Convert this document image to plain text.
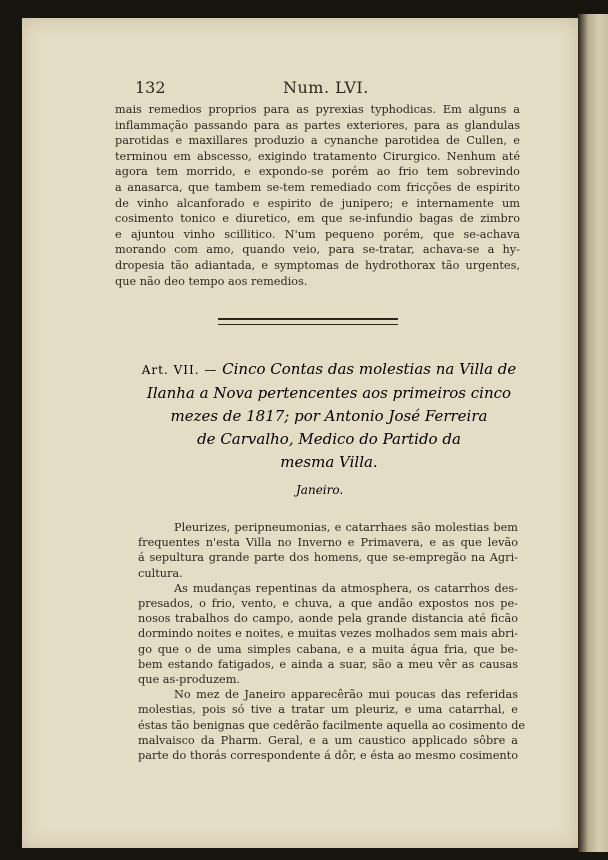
132	Num. LVI.

mais remedios proprios para as pyrexias typhodicas. Em alguns a
inflammação passando para as partes exteriores, para as glandulas
parotidas e maxillares produzio a cynanche parotidea de Cullen, e
terminou em abscesso, exigindo tratamento Cirurgico. Nenhum até
agora tem morrido, e expondo-se porém ao frio tem sobrevindo
a anasarca, que tambem se-tem remediado com fricções de espirito
de vinho alcanforado e espirito de junipero; e internamente um
cosimento tonico e diuretico, em que se-infundio bagas de zimbro
e ajuntou vinho scillitico. N'um pequeno porém, que se-achava
morando com amo, quando veio, para se-tratar, achava-se a hy-
dropesia tão adiantada, e symptomas de hydrothorax tão urgentes,
que não deo tempo aos remedios.

Art. VII. — Cinco Contas das molestias na Villa de
Ilanha a Nova pertencentes aos primeiros cinco
mezes de 1817; por Antonio José Ferreira
de Carvalho, Medico do Partido da
mesma Villa.
Janeiro.
Pleurizes, peripneumonias, e catarrhaes são molestias bem
frequentes n'esta Villa no Inverno e Primavera, e as que levão
á sepultura grande parte dos homens, que se-empregão na Agri-
cultura.
As mudanças repentinas da atmosphera, os catarrhos des-
presados, o frio, vento, e chuva, a que andão expostos nos pe-
nosos trabalhos do campo, aonde pela grande distancia até ficão
dormindo noites e noites, e muitas vezes molhados sem mais abri-
go que o de uma simples cabana, e a muita água fria, que be-
bem estando fatigados, e ainda a suar, são a meu vêr as causas
que as-produzem.
No mez de Janeiro apparecêrão mui poucas das referidas
molestias, pois só tive a tratar um pleuriz, e uma catarrhal, e
éstas tão benignas que cedêrão facilmente aquella ao cosimento de
malvaisco da Pharm. Geral, e a um caustico applicado sôbre a
parte do thorás correspondente á dôr, e ésta ao mesmo cosimento
